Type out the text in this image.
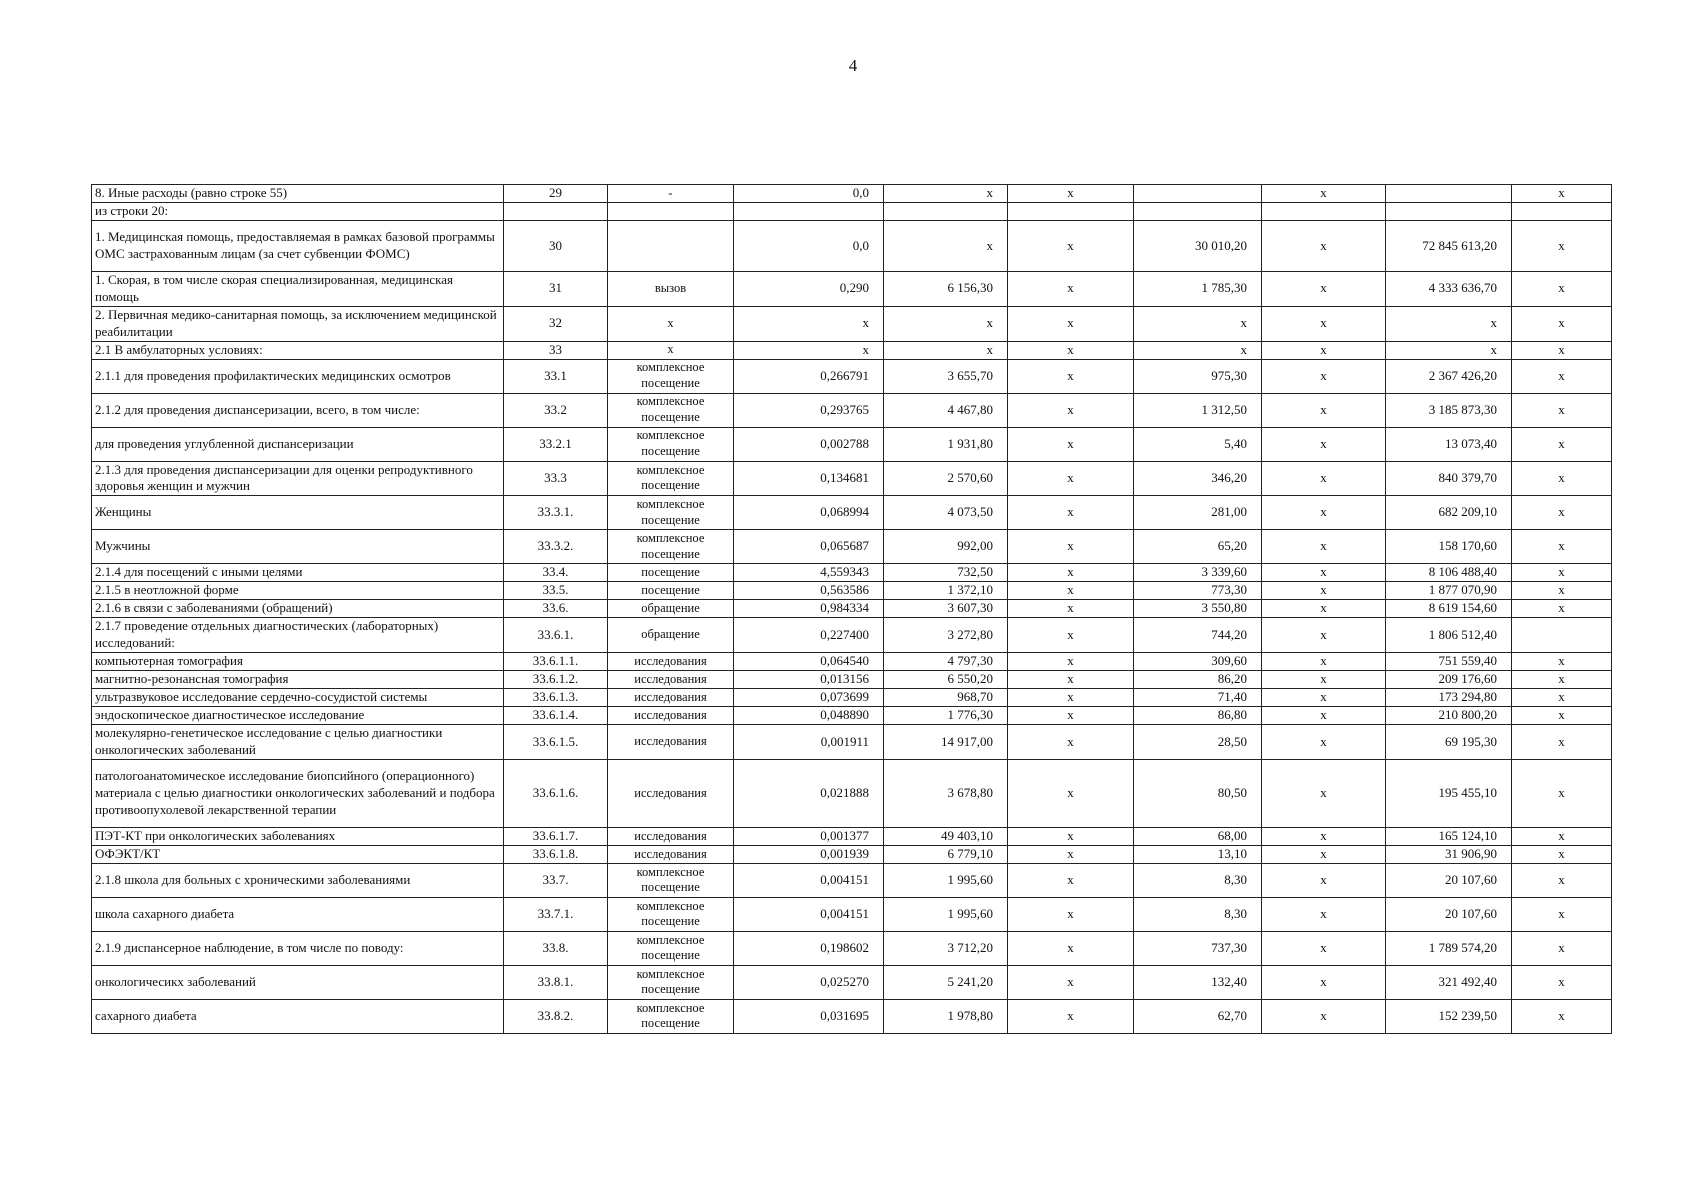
4
8. Иные расходы (равно строке 55)	29	-	0,0	x	x		x		x
из строки 20:									
1. Медицинская помощь, предоставляемая в рамках базовой программы ОМС застрахованным лицам (за счет субвенции ФОМС)	30		0,0	x	x	30 010,20	x	72 845 613,20	x
1. Скорая, в том числе скорая специализированная, медицинская помощь	31	вызов	0,290	6 156,30	x	1 785,30	x	4 333 636,70	x
2. Первичная медико-санитарная помощь, за исключением медицинской реабилитации	32	x	x	x	x	x	x	x	x
2.1 В амбулаторных условиях:	33	x	x	x	x	x	x	x	x
2.1.1 для проведения профилактических медицинских осмотров	33.1	комплексное посещение	0,266791	3 655,70	x	975,30	x	2 367 426,20	x
2.1.2 для проведения диспансеризации, всего, в том числе:	33.2	комплексное посещение	0,293765	4 467,80	x	1 312,50	x	3 185 873,30	x
для проведения углубленной диспансеризации	33.2.1	комплексное посещение	0,002788	1 931,80	x	5,40	x	13 073,40	x
2.1.3 для проведения диспансеризации для оценки репродуктивного здоровья женщин и мужчин	33.3	комплексное посещение	0,134681	2 570,60	x	346,20	x	840 379,70	x
Женщины	33.3.1.	комплексное посещение	0,068994	4 073,50	x	281,00	x	682 209,10	x
Мужчины	33.3.2.	комплексное посещение	0,065687	992,00	x	65,20	x	158 170,60	x
2.1.4 для посещений с иными целями	33.4.	посещение	4,559343	732,50	x	3 339,60	x	8 106 488,40	x
2.1.5 в неотложной форме	33.5.	посещение	0,563586	1 372,10	x	773,30	x	1 877 070,90	x
2.1.6 в связи с заболеваниями (обращений)	33.6.	обращение	0,984334	3 607,30	x	3 550,80	x	8 619 154,60	x
2.1.7 проведение отдельных диагностических (лабораторных) исследований:	33.6.1.	обращение	0,227400	3 272,80	x	744,20	x	1 806 512,40	
компьютерная томография	33.6.1.1.	исследования	0,064540	4 797,30	x	309,60	x	751 559,40	x
магнитно-резонансная томография	33.6.1.2.	исследования	0,013156	6 550,20	x	86,20	x	209 176,60	x
ультразвуковое исследование сердечно-сосудистой системы	33.6.1.3.	исследования	0,073699	968,70	x	71,40	x	173 294,80	x
эндоскопическое диагностическое исследование	33.6.1.4.	исследования	0,048890	1 776,30	x	86,80	x	210 800,20	x
молекулярно-генетическое исследование с целью диагностики онкологических заболеваний	33.6.1.5.	исследования	0,001911	14 917,00	x	28,50	x	69 195,30	x
патологоанатомическое исследование биопсийного (операционного) материала с целью диагностики онкологических заболеваний и подбора противоопухолевой лекарственной терапии	33.6.1.6.	исследования	0,021888	3 678,80	x	80,50	x	195 455,10	x
ПЭТ-КТ при онкологических заболеваниях	33.6.1.7.	исследования	0,001377	49 403,10	x	68,00	x	165 124,10	x
ОФЭКТ/КТ	33.6.1.8.	исследования	0,001939	6 779,10	x	13,10	x	31 906,90	x
2.1.8 школа для больных с хроническими заболеваниями	33.7.	комплексное посещение	0,004151	1 995,60	x	8,30	x	20 107,60	x
школа сахарного диабета	33.7.1.	комплексное посещение	0,004151	1 995,60	x	8,30	x	20 107,60	x
2.1.9 диспансерное наблюдение, в том числе по поводу:	33.8.	комплексное посещение	0,198602	3 712,20	x	737,30	x	1 789 574,20	x
онкологичесикх заболеваний	33.8.1.	комплексное посещение	0,025270	5 241,20	x	132,40	x	321 492,40	x
сахарного диабета	33.8.2.	комплексное посещение	0,031695	1 978,80	x	62,70	x	152 239,50	x
